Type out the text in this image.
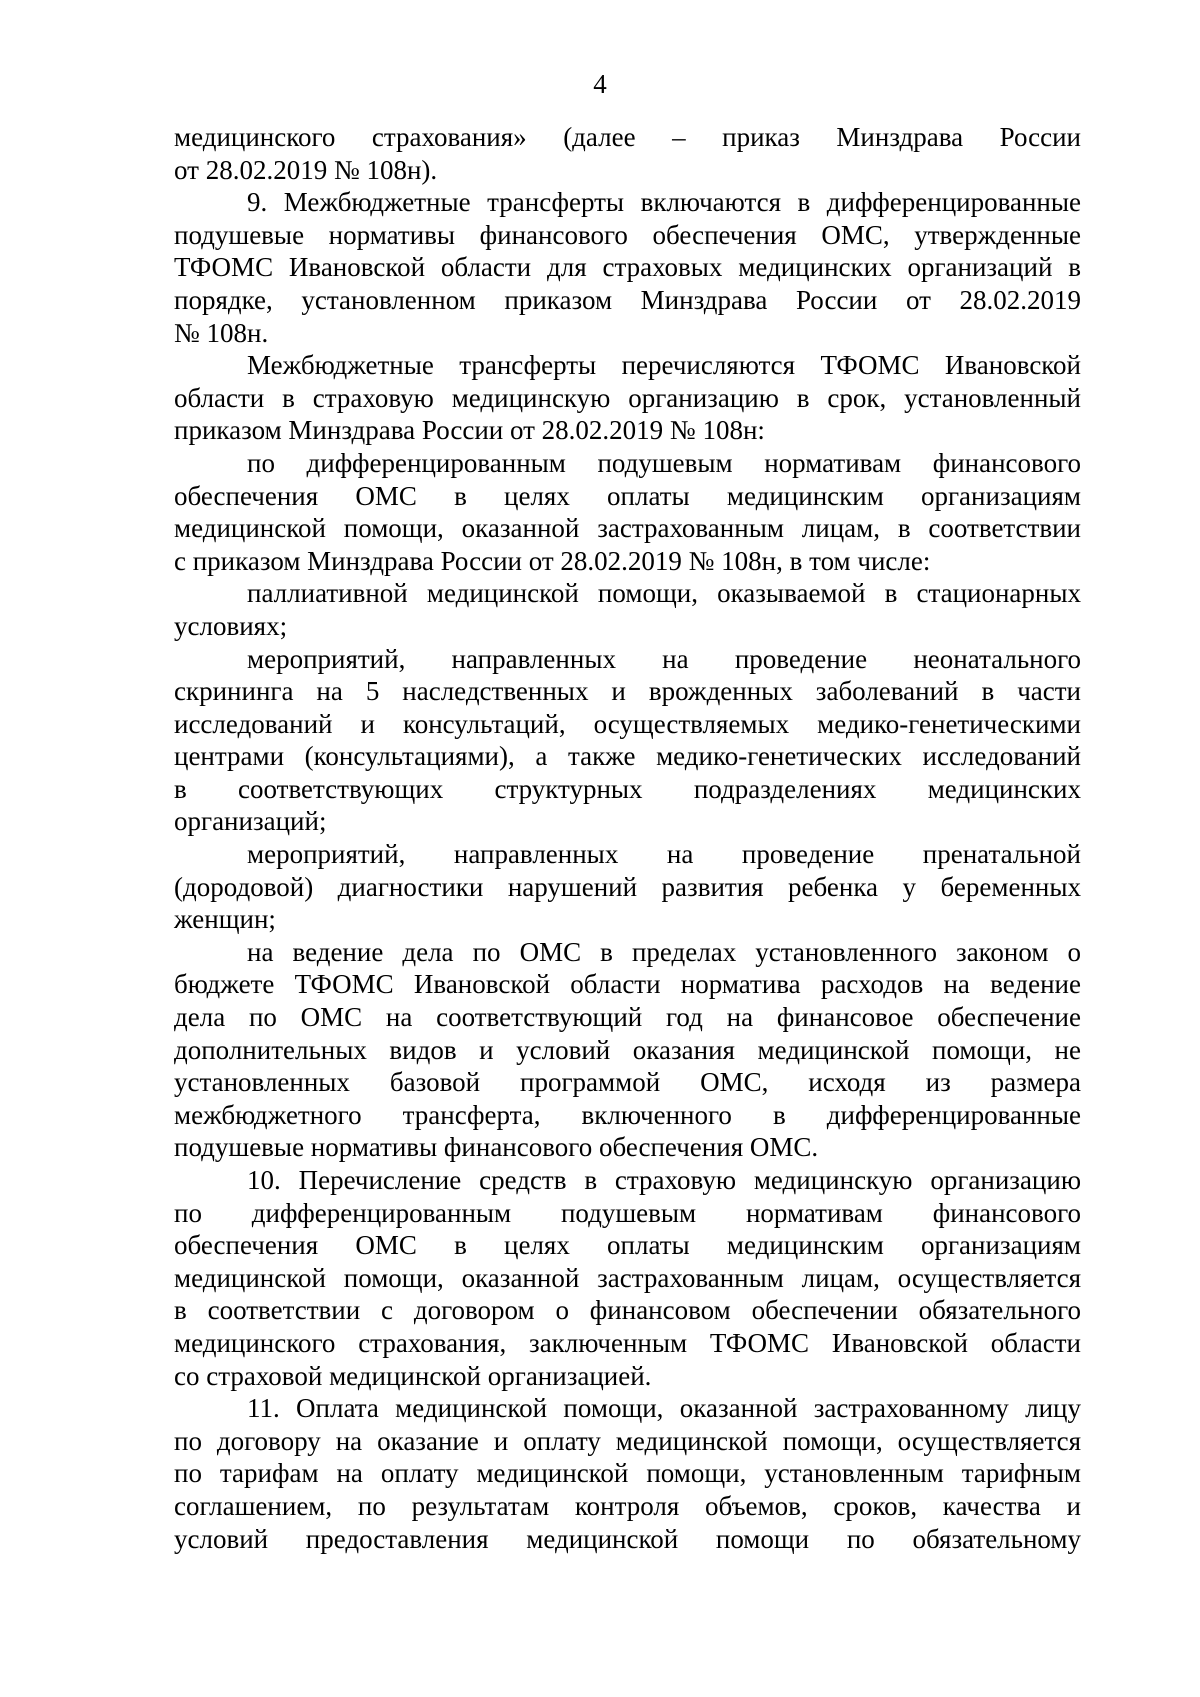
4
медицинского страхования» (далее – приказ Минздрава России
от 28.02.2019 № 108н).
9. Межбюджетные трансферты включаются в дифференцированные
подушевые нормативы финансового обеспечения ОМС, утвержденные
ТФОМС Ивановской области для страховых медицинских организаций в
порядке, установленном приказом Минздрава России от 28.02.2019
№ 108н.
Межбюджетные трансферты перечисляются ТФОМС Ивановской
области в страховую медицинскую организацию в срок, установленный
приказом Минздрава России от 28.02.2019 № 108н:
по дифференцированным подушевым нормативам финансового
обеспечения ОМС в целях оплаты медицинским организациям
медицинской помощи, оказанной застрахованным лицам, в соответствии
с приказом Минздрава России от 28.02.2019 № 108н, в том числе:
паллиативной медицинской помощи, оказываемой в стационарных
условиях;
мероприятий, направленных на проведение неонатального
скрининга на 5 наследственных и врожденных заболеваний в части
исследований и консультаций, осуществляемых медико-генетическими
центрами (консультациями), а также медико-генетических исследований
в соответствующих структурных подразделениях медицинских
организаций;
мероприятий, направленных на проведение пренатальной
(дородовой) диагностики нарушений развития ребенка у беременных
женщин;
на ведение дела по ОМС в пределах установленного законом о
бюджете ТФОМС Ивановской области норматива расходов на ведение
дела по ОМС на соответствующий год на финансовое обеспечение
дополнительных видов и условий оказания медицинской помощи, не
установленных базовой программой ОМС, исходя из размера
межбюджетного трансферта, включенного в дифференцированные
подушевые нормативы финансового обеспечения ОМС.
10. Перечисление средств в страховую медицинскую организацию
по дифференцированным подушевым нормативам финансового
обеспечения ОМС в целях оплаты медицинским организациям
медицинской помощи, оказанной застрахованным лицам, осуществляется
в соответствии с договором о финансовом обеспечении обязательного
медицинского страхования, заключенным ТФОМС Ивановской области
со страховой медицинской организацией.
11. Оплата медицинской помощи, оказанной застрахованному лицу
по договору на оказание и оплату медицинской помощи, осуществляется
по тарифам на оплату медицинской помощи, установленным тарифным
соглашением, по результатам контроля объемов, сроков, качества и
условий предоставления медицинской помощи по обязательному
